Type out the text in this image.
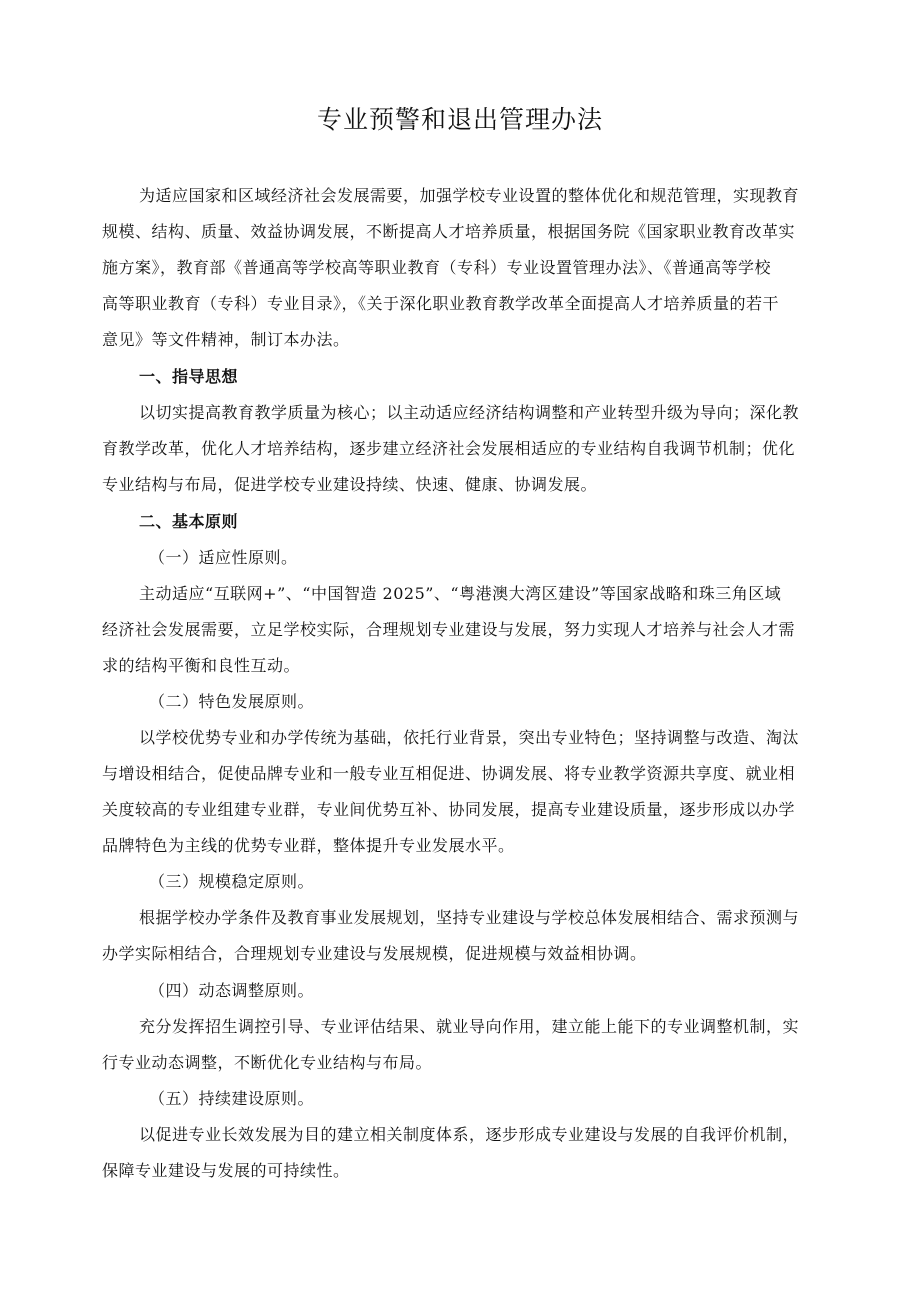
专业预警和退出管理办法
为适应国家和区域经济社会发展需要，加强学校专业设置的整体优化和规范管理，实现教育
规模、结构、质量、效益协调发展，不断提高人才培养质量，根据国务院《国家职业教育改革实
施方案》，教育部《普通高等学校高等职业教育（专科）专业设置管理办法》、《普通高等学校
高等职业教育（专科）专业目录》，《关于深化职业教育教学改革全面提高人才培养质量的若干
意见》等文件精神，制订本办法。
一、指导思想
以切实提高教育教学质量为核心；以主动适应经济结构调整和产业转型升级为导向；深化教
育教学改革，优化人才培养结构，逐步建立经济社会发展相适应的专业结构自我调节机制；优化
专业结构与布局，促进学校专业建设持续、快速、健康、协调发展。
二、基本原则
（一）适应性原则。
主动适应“互联网+”、“中国智造 2025”、“粤港澳大湾区建设”等国家战略和珠三角区域
经济社会发展需要，立足学校实际，合理规划专业建设与发展，努力实现人才培养与社会人才需
求的结构平衡和良性互动。
（二）特色发展原则。
以学校优势专业和办学传统为基础，依托行业背景，突出专业特色；坚持调整与改造、淘汰
与增设相结合，促使品牌专业和一般专业互相促进、协调发展、将专业教学资源共享度、就业相
关度较高的专业组建专业群，专业间优势互补、协同发展，提高专业建设质量，逐步形成以办学
品牌特色为主线的优势专业群，整体提升专业发展水平。
（三）规模稳定原则。
根据学校办学条件及教育事业发展规划，坚持专业建设与学校总体发展相结合、需求预测与
办学实际相结合，合理规划专业建设与发展规模，促进规模与效益相协调。
（四）动态调整原则。
充分发挥招生调控引导、专业评估结果、就业导向作用，建立能上能下的专业调整机制，实
行专业动态调整，不断优化专业结构与布局。
（五）持续建设原则。
以促进专业长效发展为目的建立相关制度体系，逐步形成专业建设与发展的自我评价机制，
保障专业建设与发展的可持续性。
